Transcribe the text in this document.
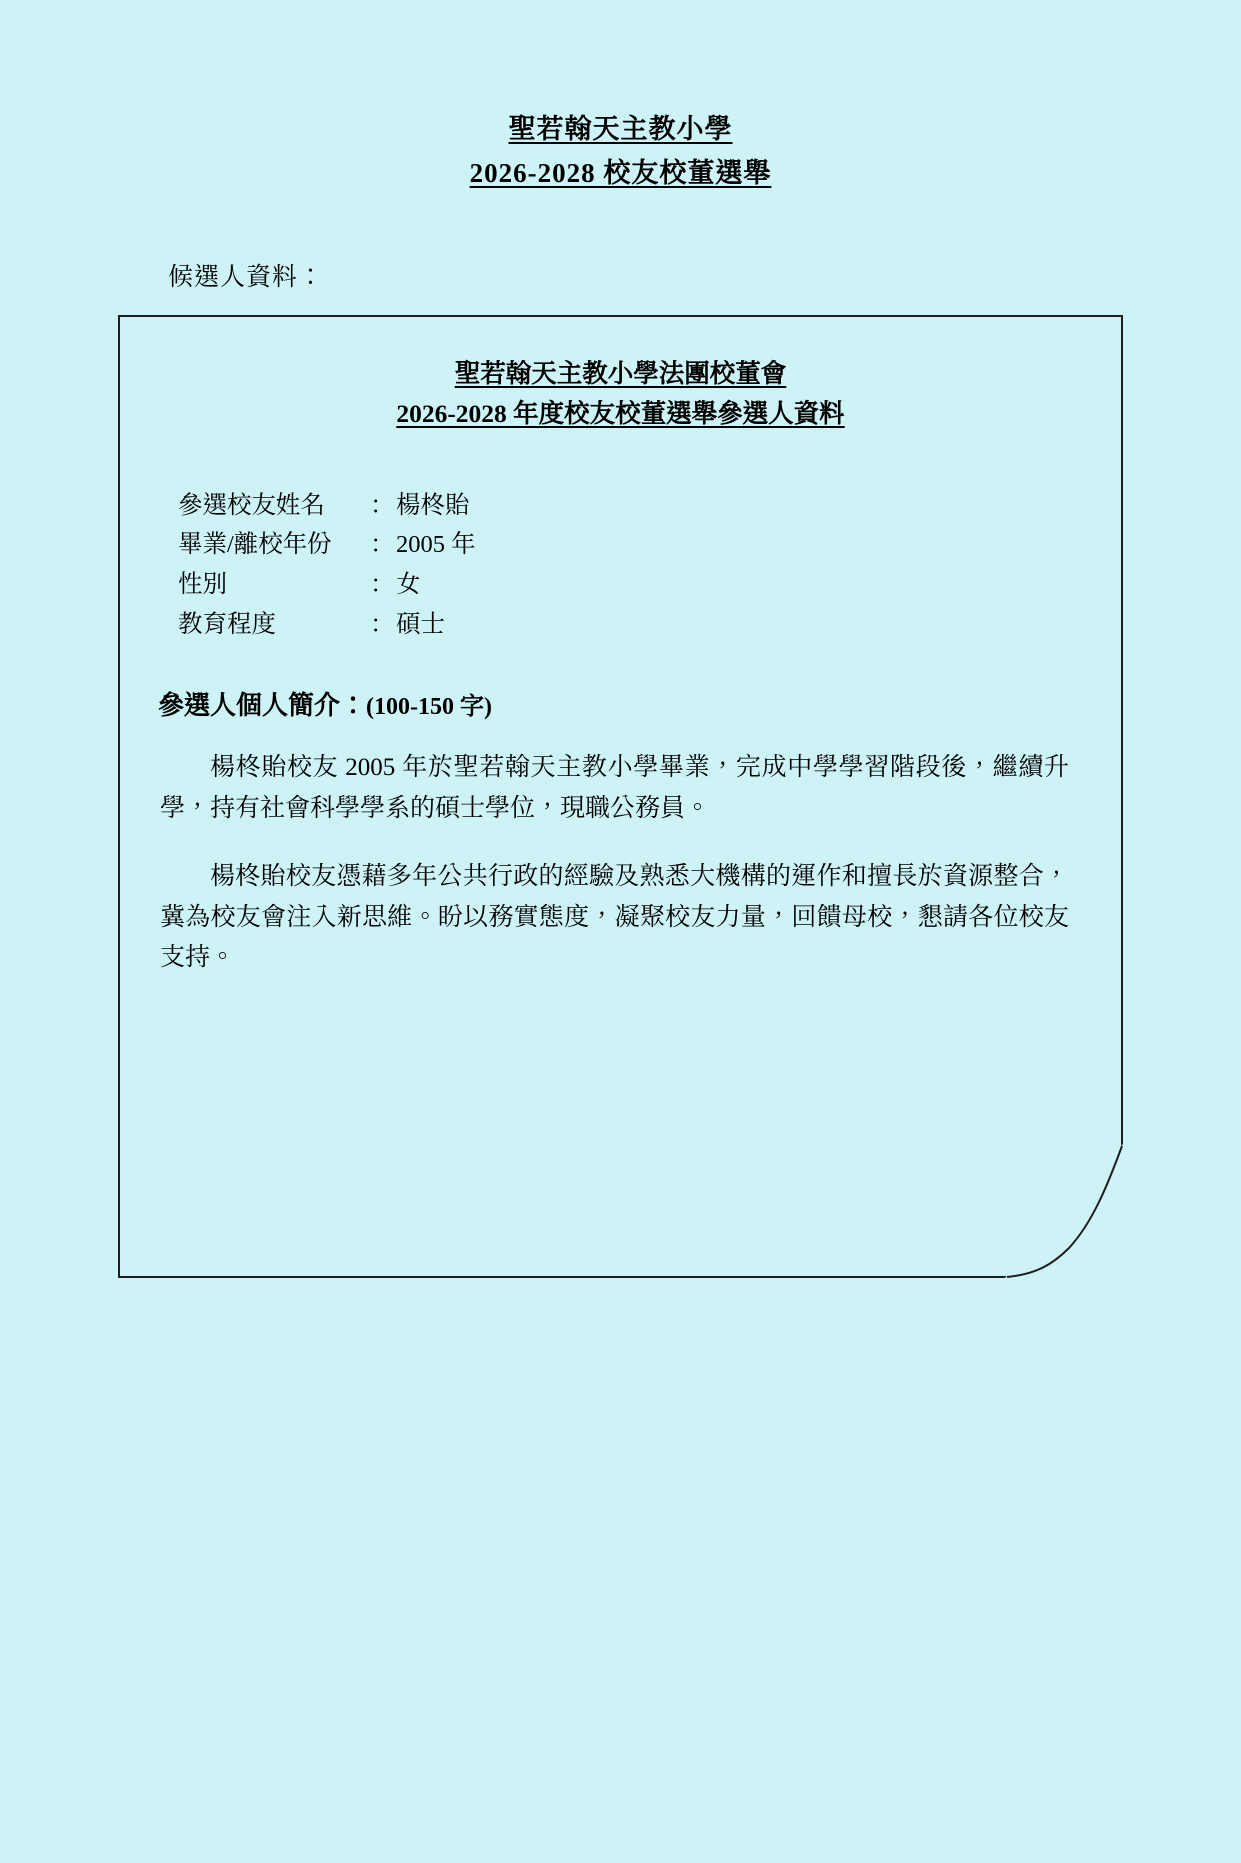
聖若翰天主教小學
2026-2028 校友校董選舉
候選人資料：
聖若翰天主教小學法團校董會
2026-2028 年度校友校董選舉參選人資料
參選校友姓名	： 楊柊貽
畢業/離校年份	： 2005 年
性別	： 女
教育程度	： 碩士
參選人個人簡介：(100-150 字)

楊柊貽校友 2005 年於聖若翰天主教小學畢業，完成中學學習階段後，繼續升學，持有社會科學學系的碩士學位，現職公務員。

楊柊貽校友憑藉多年公共行政的經驗及熟悉大機構的運作和擅長於資源整合，冀為校友會注入新思維。盼以務實態度，凝聚校友力量，回饋母校，懇請各位校友支持。
